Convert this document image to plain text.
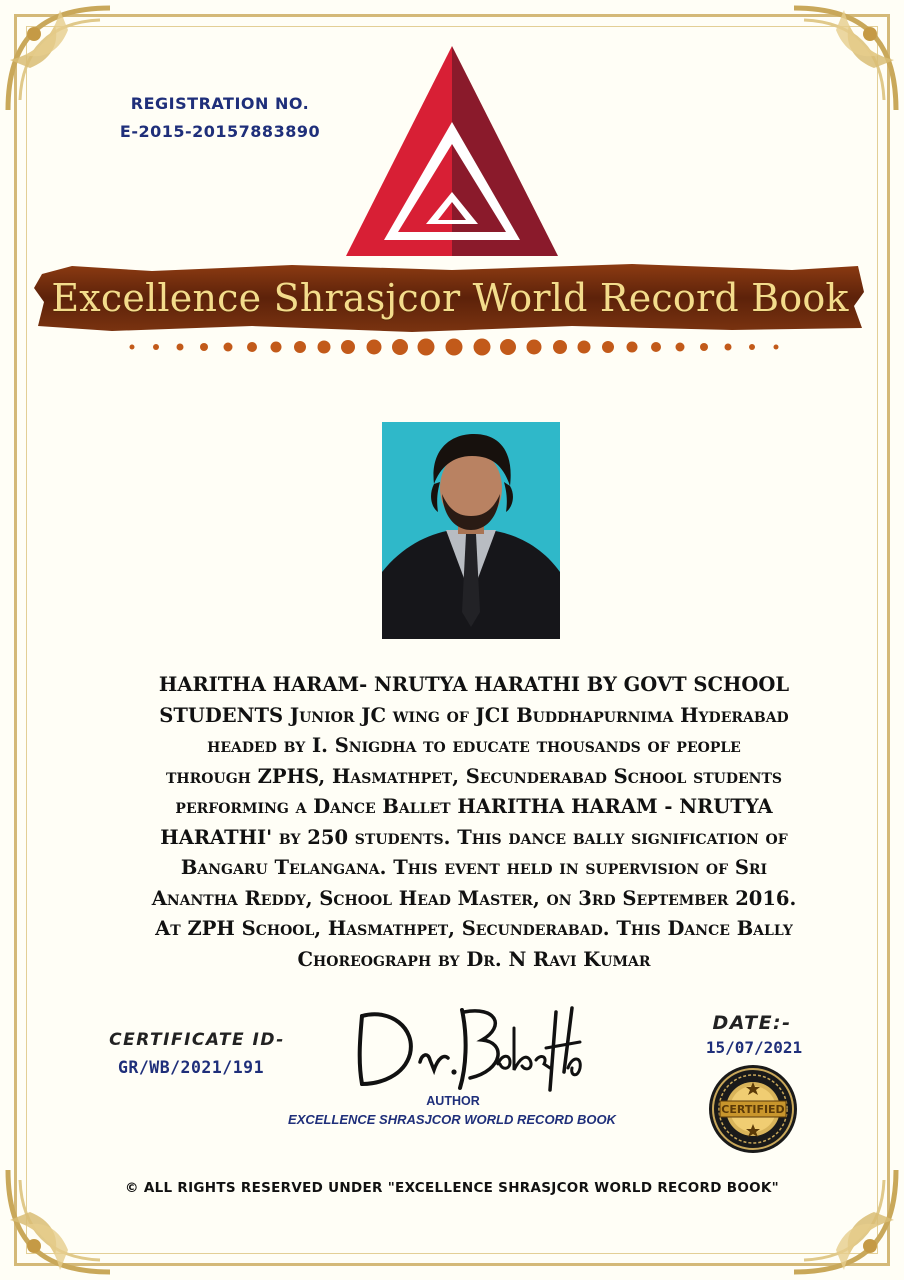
REGISTRATION NO.
E-2015-20157883890
Excellence Shrasjcor World Record Book
HARITHA HARAM- NRUTYA HARATHI BY GOVT SCHOOL
STUDENTS Junior JC wing of JCI Buddhapurnima Hyderabad
headed by I. Snigdha to educate thousands of people
through ZPHS, Hasmathpet, Secunderabad School students
performing a Dance Ballet HARITHA HARAM - NRUTYA
HARATHI' by 250 students. This dance bally signification of
Bangaru Telangana. This event held in supervision of Sri
Anantha Reddy, School Head Master, on 3rd September 2016.
At ZPH School, Hasmathpet, Secunderabad. This Dance Bally
Choreograph by Dr. N Ravi Kumar
CERTIFICATE ID-
GR/WB/2021/191
AUTHOR
EXCELLENCE SHRASJCOR WORLD RECORD BOOK
DATE:-
15/07/2021
CERTIFIED
© ALL RIGHTS RESERVED UNDER "EXCELLENCE SHRASJCOR WORLD RECORD BOOK"
